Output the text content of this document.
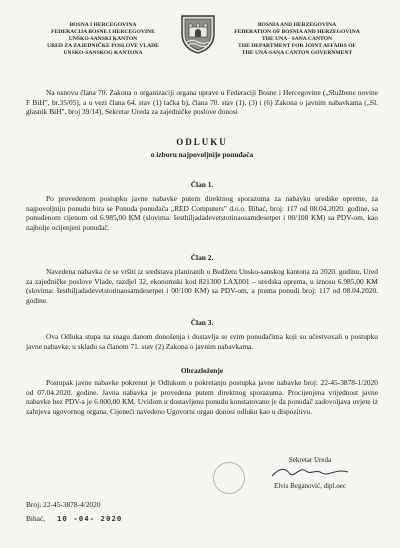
BOSNA I HERCEGOVINA
FEDERACIJA BOSNE I HERCEGOVINE
UNSKO-SANSKI KANTON
URED ZA ZAJEDNIČKE POSLOVE VLADE
UNSKO-SANSKOG KANTONA
BOSNIA AND HERZEGOVINA
FEDERATION OF BOSNIA AND HERZEGOVINA
THE UNA - SANA CANTON
THE DEPARTMENT FOR JOINT AFFAIRS OF
THE UNA-SANA CANTON GOVERNMENT
Na osnovu člana 70. Zakona o organizaciji organa uprave u Federaciji Bosne i Hercegovine („Službene novine F BiH", br.35/05), a u vezi člana 64. stav (1) tačka b), člana 70. stav (1), (3) i (6) Zakona o javnim nabavkama („Sl. glasnik BiH", broj 39/14), Sekretar Ureda za zajedničke poslove donosi
ODLUKU
o izboru najpovoljnije ponuđača
Član 1.
Po provedenom postupku javne nabavke putem direktnog sporazuma za nabavku uredske opreme, za najpovoljniju ponudu bira se Ponuda ponuđača „RED Computers" d.o.o. Bihać, broj: 117 od 08.04.2020. godine, sa ponuđenom cijenom od 6.985,00 KM (slovima: šesthiljadadevetstotinaosamdesetpet i 00/100 KM) sa PDV-om, kao najbolje ocijenjeni ponuđač.
Član 2.
Navedena nabavka će se vršiti iz sredstava planiranih u Budžetu Unsko-sanskog kantona za 2020. godinu, Ured za zajedničke poslove Vlade, razdjel 32, ekonomski kod 821300 LAX001 – uredska oprema, u iznosu 6.985,00 KM (slovima: šesthiljadadevetstotinaosamdesetpet i 00/100 KM) sa PDV-om, a prema ponudi broj: 117 od 08.04.2020. godine.
Član 3.
Ova Odluka stupa na snagu danom donošenja i dostavlja se svim ponuđačima koji su učestvovali u postupku javne nabavke, u skladu sa članom 71. stav (2) Zakona o javnim nabavkama.
Obrazloženje
Postupak javne nabavke pokrenut je Odlukom o pokretanju postupka javne nabavke broj: 22-45-3878-1/2020 od 07.04.2020. godine. Javna nabavka je provedena putem direktnog sporazuma. Procijenjena vrijednost javne nabavke bez PDV-a je 6.000,00 KM. Uvidom u dostavljenu ponudu konstatovano je da ponuđač zadovoljava uvjete iz zahtjeva ugovornog organa. Cijeneći navedeno Ugovorni organ donosi odluku kao u dispozitivu.
Sekretar Ureda
Elvis Beganović, dipl.oec
Broj: 22-45-3878-4/2020
Bihać, 10 -04- 2020
